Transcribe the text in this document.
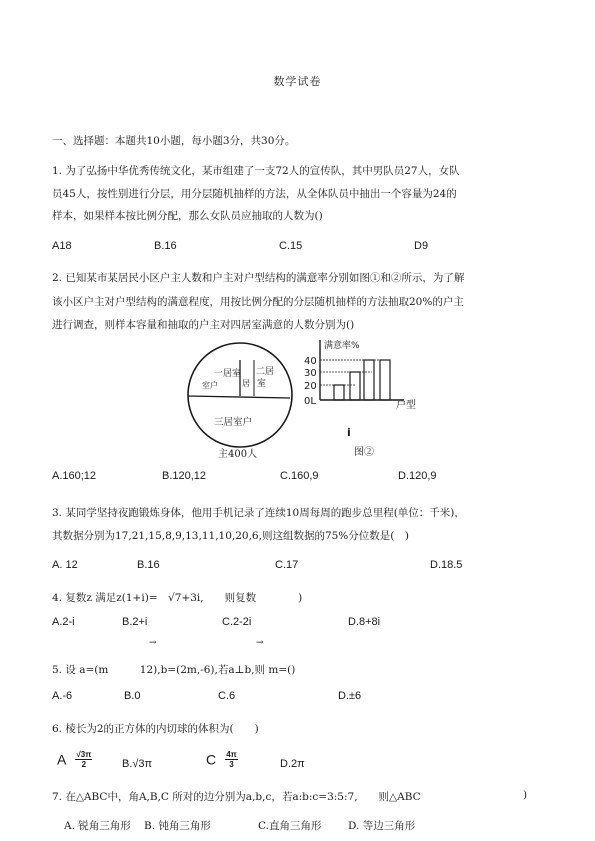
数学试卷
一、选择题：本题共10小题，每小题3分，共30分。
1. 为了弘扬中华优秀传统文化，某市组建了一支72人的宣传队，其中男队员27人，女队
员45人，按性别进行分层，用分层随机抽样的方法，从全体队员中抽出一个容量为24的
样本，如果样本按比例分配，那么女队员应抽取的人数为()
A18	B.16	C.15	D9
2. 已知某市某居民小区户主人数和户主对户型结构的满意率分别如图①和②所示，为了解
该小区户主对户型结构的满意程度，用按比例分配的分层随机抽样的方法抽取20%的户主
进行调查，则样本容量和抽取的户主对四居室满意的人数分别为()
一居室 二居
室
居
室户
三居室户
主400人
满意率%
40
30
20
0L	户型
i
图②
A.160;12	B.120,12	C.160,9	D.120,9
3. 某同学坚持夜跑锻炼身体，他用手机记录了连续10周每周的跑步总里程(单位：千米)，
其数据分别为17,21,15,8,9,13,11,10,20,6,则这组数据的75%分位数是(　)
A. 12	B.16	C.17	D.18.5
4. 复数z 满足z(1+i)=　√7+3i,　　则复数　　　　)
A.2-i	B.2+i	C.2-2i	D.8+8i
→	→
5. 设 a=(m　　　12),b=(2m,-6),若a⊥b,则 m=()
A.-6	B.0	C.6	D.±6
6. 棱长为2的正方体的内切球的体积为(　　)
A $\frac{√3\pi}{2}$	B.√3π	C $\frac{4\pi}{3}$	D.2π
7. 在△ABC中，角A,B,C 所对的边分别为a,b,c，若a:b:c=3:5:7,　　则△ABC	)
A. 锐角三角形 B. 钝角三角形	C.直角三角形	D. 等边三角形
